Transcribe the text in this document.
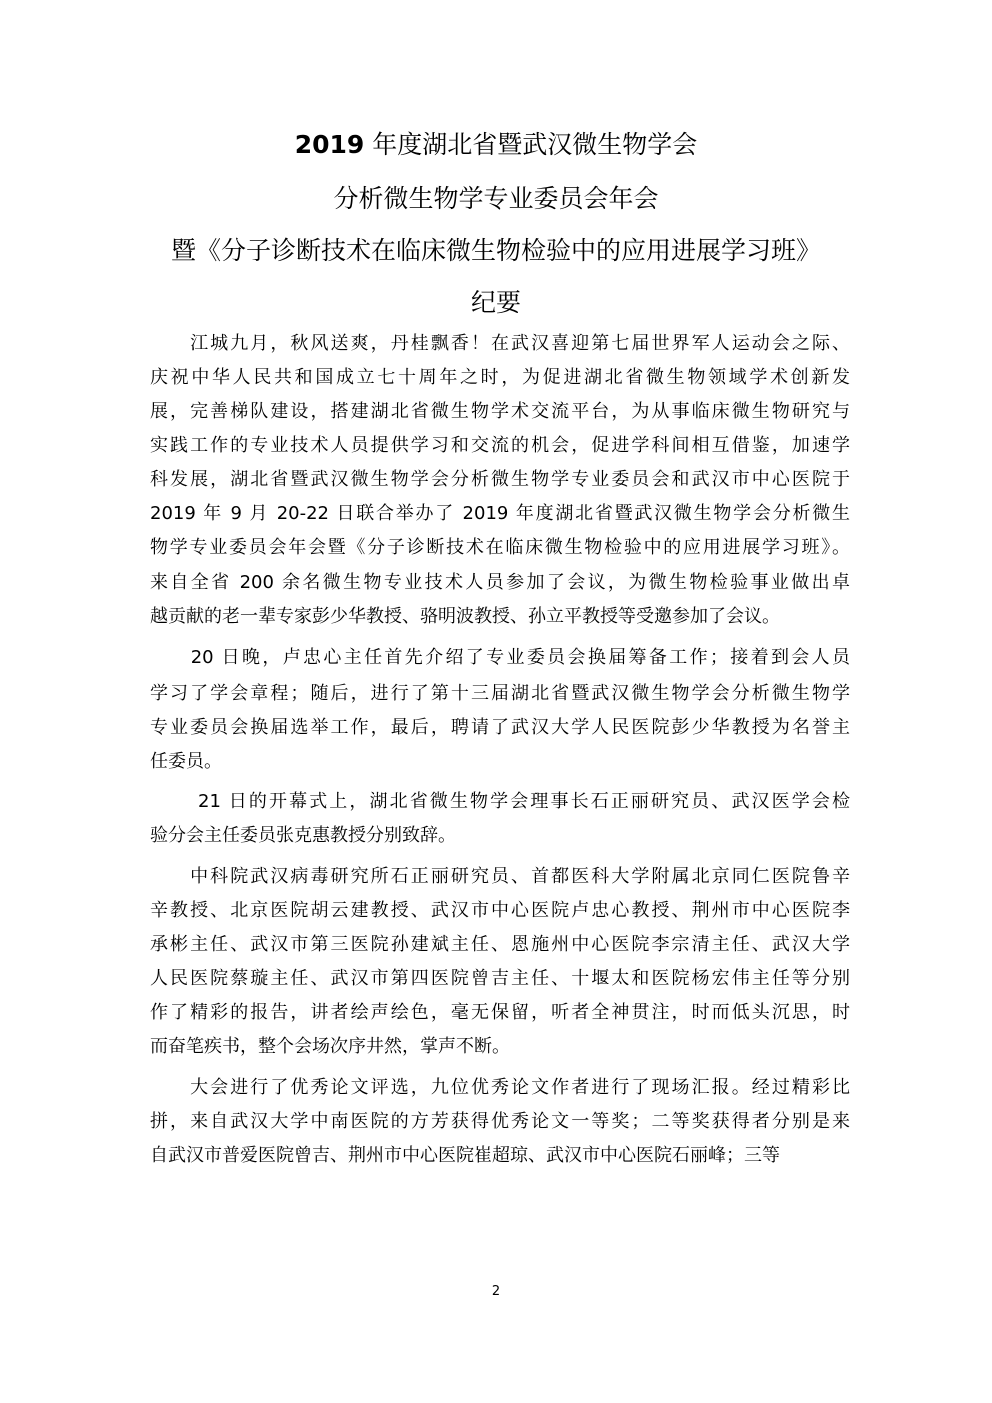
2019 年度湖北省暨武汉微生物学会
分析微生物学专业委员会年会
暨《分子诊断技术在临床微生物检验中的应用进展学习班》
纪要
　　江城九月，秋风送爽，丹桂飘香！在武汉喜迎第七届世界军人运动会之际、
庆祝中华人民共和国成立七十周年之时，为促进湖北省微生物领域学术创新发
展，完善梯队建设，搭建湖北省微生物学术交流平台，为从事临床微生物研究与
实践工作的专业技术人员提供学习和交流的机会，促进学科间相互借鉴，加速学
科发展，湖北省暨武汉微生物学会分析微生物学专业委员会和武汉市中心医院于
2019 年 9 月 20-22 日联合举办了 2019 年度湖北省暨武汉微生物学会分析微生
物学专业委员会年会暨《分子诊断技术在临床微生物检验中的应用进展学习班》。
来自全省 200 余名微生物专业技术人员参加了会议，为微生物检验事业做出卓
越贡献的老一辈专家彭少华教授、骆明波教授、孙立平教授等受邀参加了会议。
　　20 日晚，卢忠心主任首先介绍了专业委员会换届筹备工作；接着到会人员
学习了学会章程；随后，进行了第十三届湖北省暨武汉微生物学会分析微生物学
专业委员会换届选举工作，最后，聘请了武汉大学人民医院彭少华教授为名誉主
任委员。
　　 21 日的开幕式上，湖北省微生物学会理事长石正丽研究员、武汉医学会检
验分会主任委员张克惠教授分别致辞。
　　中科院武汉病毒研究所石正丽研究员、首都医科大学附属北京同仁医院鲁辛
辛教授、北京医院胡云建教授、武汉市中心医院卢忠心教授、荆州市中心医院李
承彬主任、武汉市第三医院孙建斌主任、恩施州中心医院李宗清主任、武汉大学
人民医院蔡璇主任、武汉市第四医院曾吉主任、十堰太和医院杨宏伟主任等分别
作了精彩的报告，讲者绘声绘色，毫无保留，听者全神贯注，时而低头沉思，时
而奋笔疾书，整个会场次序井然，掌声不断。
　　大会进行了优秀论文评选，九位优秀论文作者进行了现场汇报。经过精彩比
拼，来自武汉大学中南医院的方芳获得优秀论文一等奖；二等奖获得者分别是来
自武汉市普爱医院曾吉、荆州市中心医院崔超琼、武汉市中心医院石丽峰；三等
2
